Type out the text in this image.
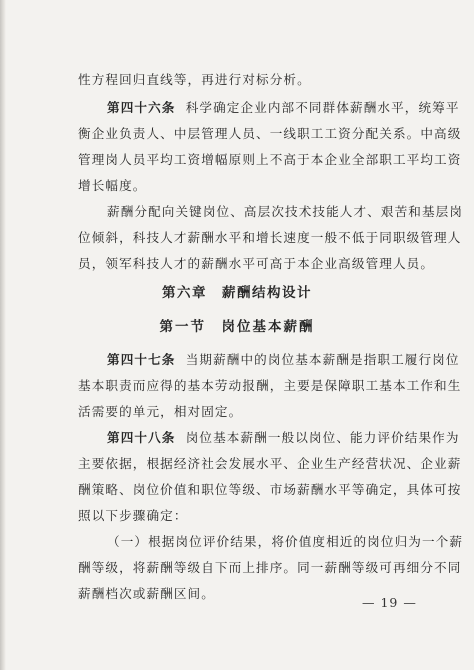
性方程回归直线等，再进行对标分析。
第四十六条 科学确定企业内部不同群体薪酬水平，统筹平
衡企业负责人、中层管理人员、一线职工工资分配关系。中高级
管理岗人员平均工资增幅原则上不高于本企业全部职工平均工资
增长幅度。
薪酬分配向关键岗位、高层次技术技能人才、艰苦和基层岗
位倾斜，科技人才薪酬水平和增长速度一般不低于同职级管理人
员，领军科技人才的薪酬水平可高于本企业高级管理人员。
第六章　薪酬结构设计
第一节　岗位基本薪酬
第四十七条 当期薪酬中的岗位基本薪酬是指职工履行岗位
基本职责而应得的基本劳动报酬，主要是保障职工基本工作和生
活需要的单元，相对固定。
第四十八条 岗位基本薪酬一般以岗位、能力评价结果作为
主要依据，根据经济社会发展水平、企业生产经营状况、企业薪
酬策略、岗位价值和职位等级、市场薪酬水平等确定，具体可按
照以下步骤确定：
（一）根据岗位评价结果，将价值度相近的岗位归为一个薪
酬等级，将薪酬等级自下而上排序。同一薪酬等级可再细分不同
薪酬档次或薪酬区间。
— 19 —
